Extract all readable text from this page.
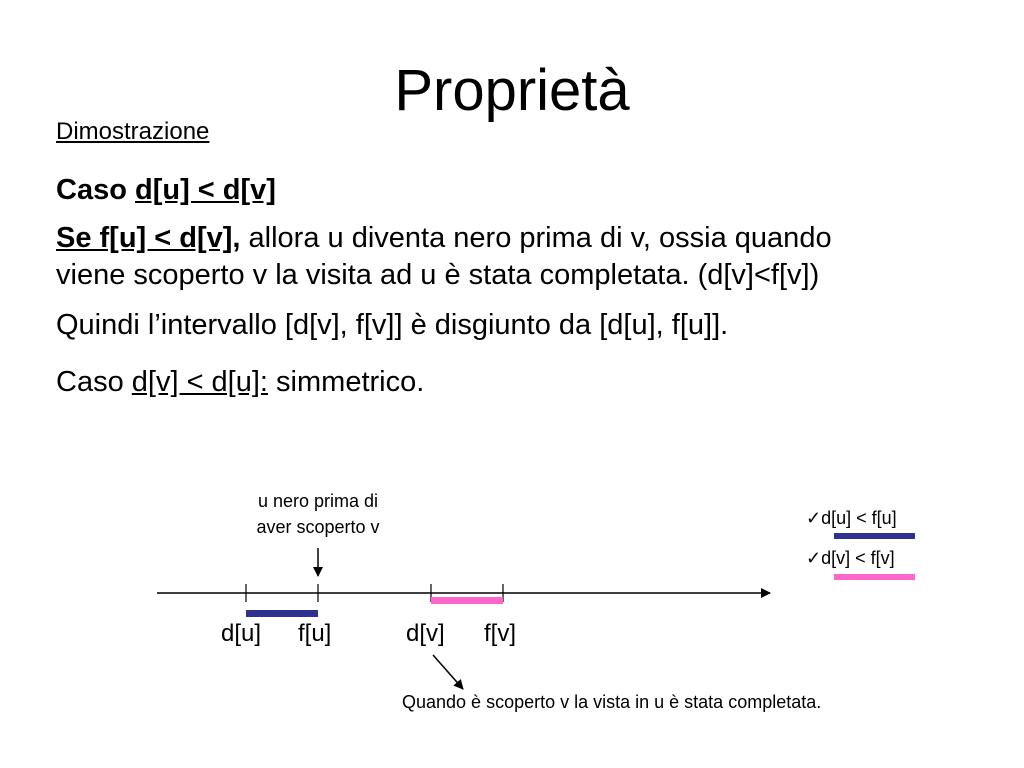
Proprietà
Dimostrazione
Caso d[u] < d[v]
Se f[u] < d[v], allora u diventa nero prima di v, ossia quando
viene scoperto v la visita ad u è stata completata. (d[v]<f[v])
Quindi l’intervallo [d[v], f[v]] è disgiunto da [d[u], f[u]].
Caso d[v] < d[u]: simmetrico.
u nero prima di
aver scoperto v
d[u] f[u]	d[v] f[v]
✓d[u] < f[u]
✓d[v] < f[v]
Quando è scoperto v la vista in u è stata completata.
